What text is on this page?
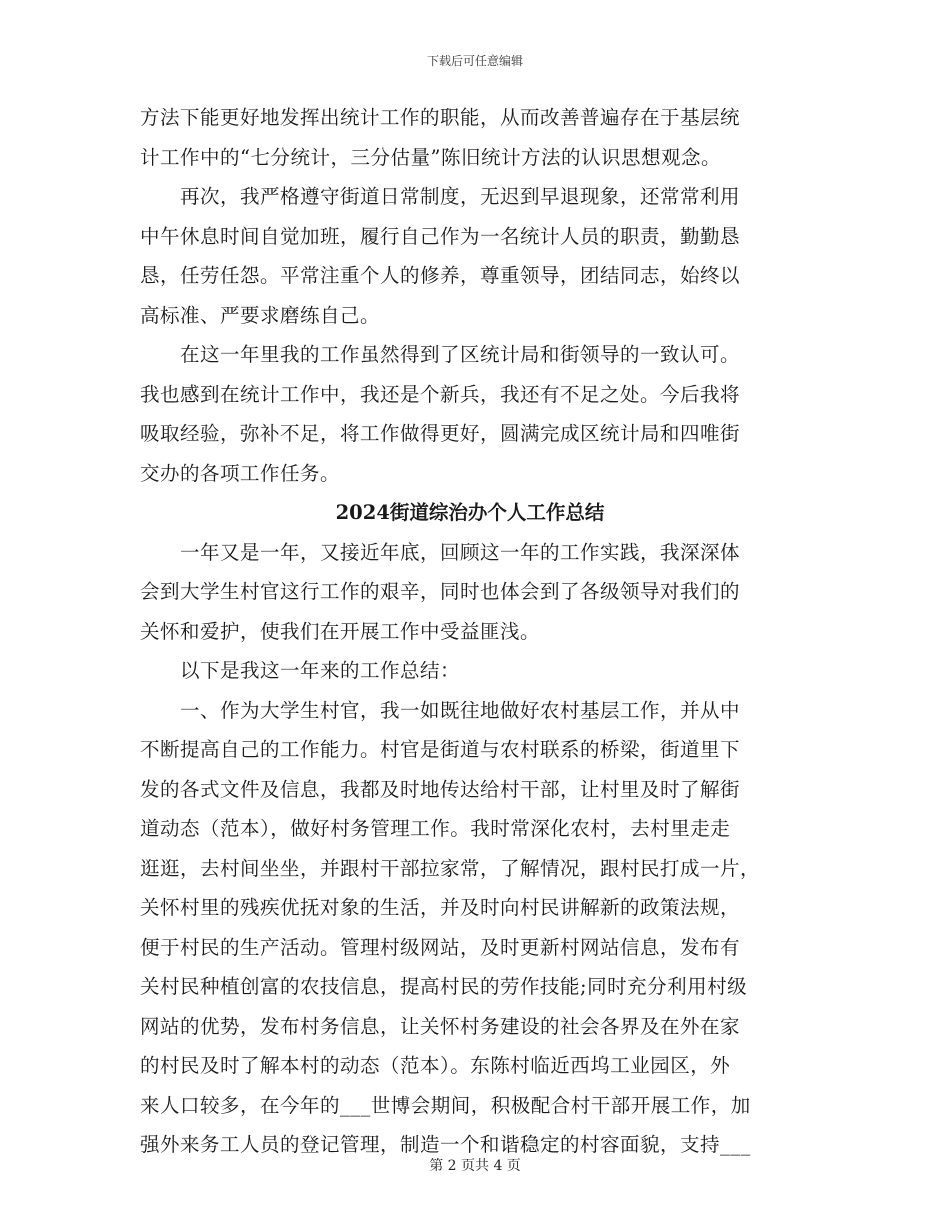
下载后可任意编辑
方法下能更好地发挥出统计工作的职能，从而改善普遍存在于基层统
计工作中的“七分统计，三分估量”陈旧统计方法的认识思想观念。
　　再次，我严格遵守街道日常制度，无迟到早退现象，还常常利用
中午休息时间自觉加班，履行自己作为一名统计人员的职责，勤勤恳
恳，任劳任怨。平常注重个人的修养，尊重领导，团结同志，始终以
高标准、严要求磨练自己。
　　在这一年里我的工作虽然得到了区统计局和街领导的一致认可。
我也感到在统计工作中，我还是个新兵，我还有不足之处。今后我将
吸取经验，弥补不足，将工作做得更好，圆满完成区统计局和四唯街
交办的各项工作任务。
2024街道综治办个人工作总结
　　一年又是一年，又接近年底，回顾这一年的工作实践，我深深体
会到大学生村官这行工作的艰辛，同时也体会到了各级领导对我们的
关怀和爱护，使我们在开展工作中受益匪浅。
　　以下是我这一年来的工作总结：
　　一、作为大学生村官，我一如既往地做好农村基层工作，并从中
不断提高自己的工作能力。村官是街道与农村联系的桥梁，街道里下
发的各式文件及信息，我都及时地传达给村干部，让村里及时了解街
道动态（范本），做好村务管理工作。我时常深化农村，去村里走走
逛逛，去村间坐坐，并跟村干部拉家常，了解情况，跟村民打成一片，
关怀村里的残疾优抚对象的生活，并及时向村民讲解新的政策法规，
便于村民的生产活动。管理村级网站，及时更新村网站信息，发布有
关村民种植创富的农技信息，提高村民的劳作技能;同时充分利用村级
网站的优势，发布村务信息，让关怀村务建设的社会各界及在外在家
的村民及时了解本村的动态（范本）。东陈村临近西坞工业园区，外
来人口较多，在今年的___世博会期间，积极配合村干部开展工作，加
强外来务工人员的登记管理，制造一个和谐稳定的村容面貌，支持___
第 2 页共 4 页
